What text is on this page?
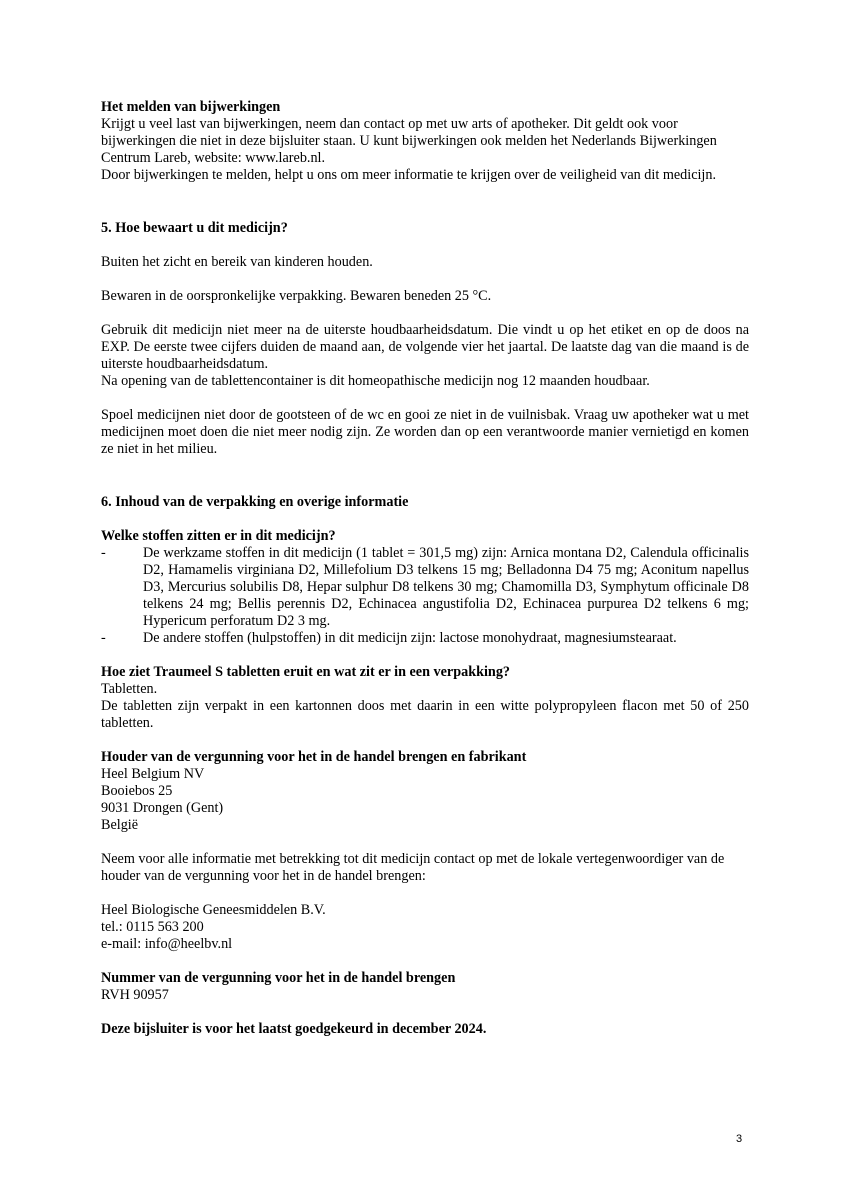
Het melden van bijwerkingen

Krijgt u veel last van bijwerkingen, neem dan contact op met uw arts of apotheker. Dit geldt ook voor bijwerkingen die niet in deze bijsluiter staan. U kunt bijwerkingen ook melden het Nederlands Bijwerkingen Centrum Lareb, website: www.lareb.nl.

Door bijwerkingen te melden, helpt u ons om meer informatie te krijgen over de veiligheid van dit medicijn.

5. Hoe bewaart u dit medicijn?

Buiten het zicht en bereik van kinderen houden.

Bewaren in de oorspronkelijke verpakking. Bewaren beneden 25 °C.

Gebruik dit medicijn niet meer na de uiterste houdbaarheidsdatum. Die vindt u op het etiket en op de doos na EXP. De eerste twee cijfers duiden de maand aan, de volgende vier het jaartal. De laatste dag van die maand is de uiterste houdbaarheidsdatum.

Na opening van de tablettencontainer is dit homeopathische medicijn nog 12 maanden houdbaar.

Spoel medicijnen niet door de gootsteen of de wc en gooi ze niet in de vuilnisbak. Vraag uw apotheker wat u met medicijnen moet doen die niet meer nodig zijn. Ze worden dan op een verantwoorde manier vernietigd en komen ze niet in het milieu.

6. Inhoud van de verpakking en overige informatie

Welke stoffen zitten er in dit medicijn?

-	De werkzame stoffen in dit medicijn (1 tablet = 301,5 mg) zijn: Arnica montana D2, Calendula officinalis D2, Hamamelis virginiana D2, Millefolium D3 telkens 15 mg; Belladonna D4 75 mg; Aconitum napellus D3, Mercurius solubilis D8, Hepar sulphur D8 telkens 30 mg; Chamomilla D3, Symphytum officinale D8 telkens 24 mg; Bellis perennis D2, Echinacea angustifolia D2, Echinacea purpurea D2 telkens 6 mg; Hypericum perforatum D2 3 mg.
-	De andere stoffen (hulpstoffen) in dit medicijn zijn: lactose monohydraat, magnesiumstearaat.

Hoe ziet Traumeel S tabletten eruit en wat zit er in een verpakking?

Tabletten.

De tabletten zijn verpakt in een kartonnen doos met daarin in een witte polypropyleen flacon met 50 of 250 tabletten.

Houder van de vergunning voor het in de handel brengen en fabrikant

Heel Belgium NV

Booiebos 25

9031 Drongen (Gent)

België

Neem voor alle informatie met betrekking tot dit medicijn contact op met de lokale vertegenwoordiger van de houder van de vergunning voor het in de handel brengen:

Heel Biologische Geneesmiddelen B.V.

tel.: 0115 563 200

e-mail: info@heelbv.nl

Nummer van de vergunning voor het in de handel brengen

RVH 90957

Deze bijsluiter is voor het laatst goedgekeurd in december 2024.

3
